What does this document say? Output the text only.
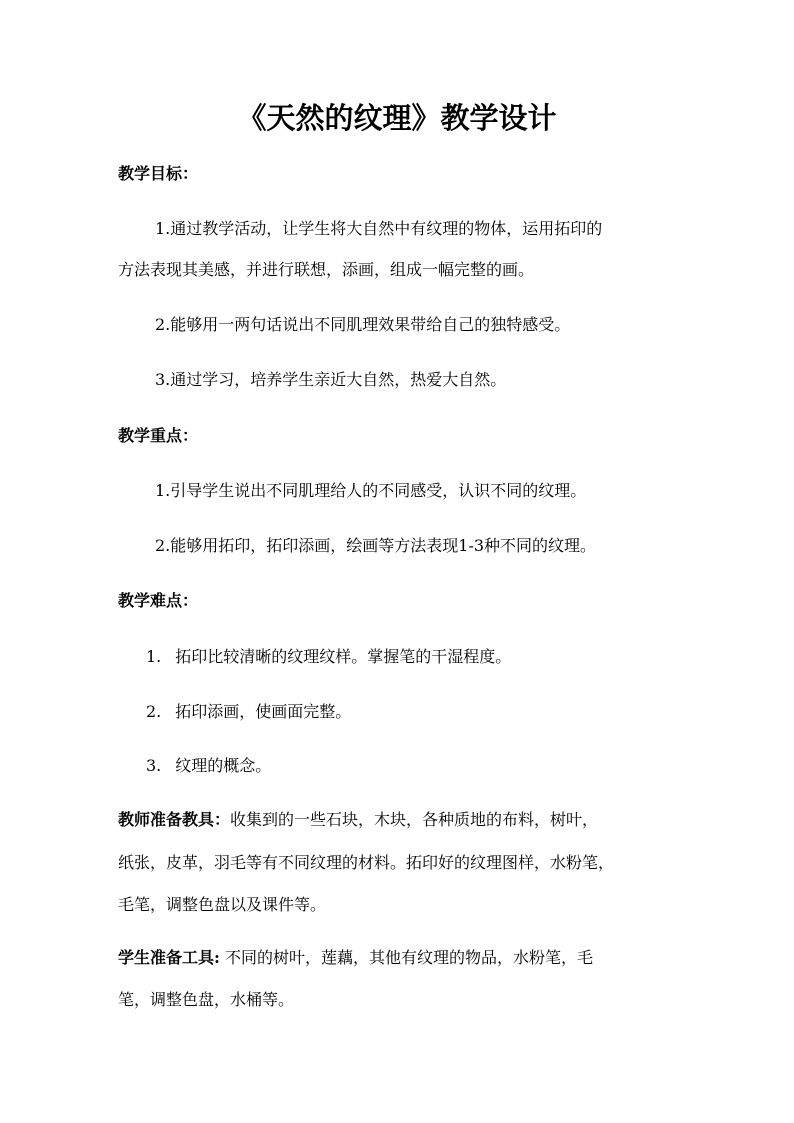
《天然的纹理》教学设计
教学目标：
1.通过教学活动，让学生将大自然中有纹理的物体，运用拓印的
方法表现其美感，并进行联想，添画，组成一幅完整的画。
2.能够用一两句话说出不同肌理效果带给自己的独特感受。
3.通过学习，培养学生亲近大自然，热爱大自然。
教学重点：
1.引导学生说出不同肌理给人的不同感受，认识不同的纹理。
2.能够用拓印，拓印添画，绘画等方法表现1-3种不同的纹理。
教学难点：
1. 拓印比较清晰的纹理纹样。掌握笔的干湿程度。
2. 拓印添画，使画面完整。
3. 纹理的概念。
教师准备教具：收集到的一些石块，木块，各种质地的布料，树叶，
纸张，皮革，羽毛等有不同纹理的材料。拓印好的纹理图样，水粉笔，
毛笔，调整色盘以及课件等。
学生准备工具: 不同的树叶，莲藕，其他有纹理的物品，水粉笔，毛
笔，调整色盘，水桶等。
